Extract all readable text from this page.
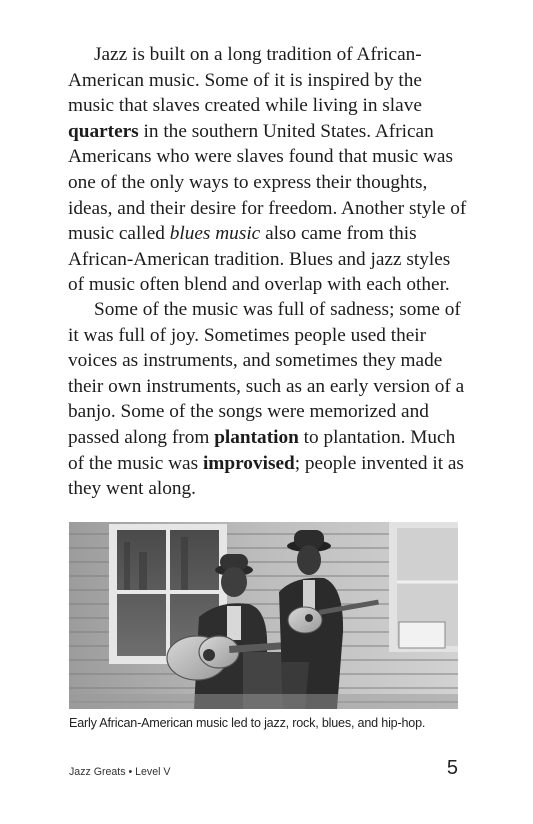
Jazz is built on a long tradition of African-American music. Some of it is inspired by the music that slaves created while living in slave quarters in the southern United States. African Americans who were slaves found that music was one of the only ways to express their thoughts, ideas, and their desire for freedom. Another style of music called blues music also came from this African-American tradition. Blues and jazz styles of music often blend and overlap with each other.

Some of the music was full of sadness; some of it was full of joy. Sometimes people used their voices as instruments, and sometimes they made their own instruments, such as an early version of a banjo. Some of the songs were memorized and passed along from plantation to plantation. Much of the music was improvised; people invented it as they went along.

Early African-American music led to jazz, rock, blues, and hip-hop.
Jazz Greats • Level V	5
